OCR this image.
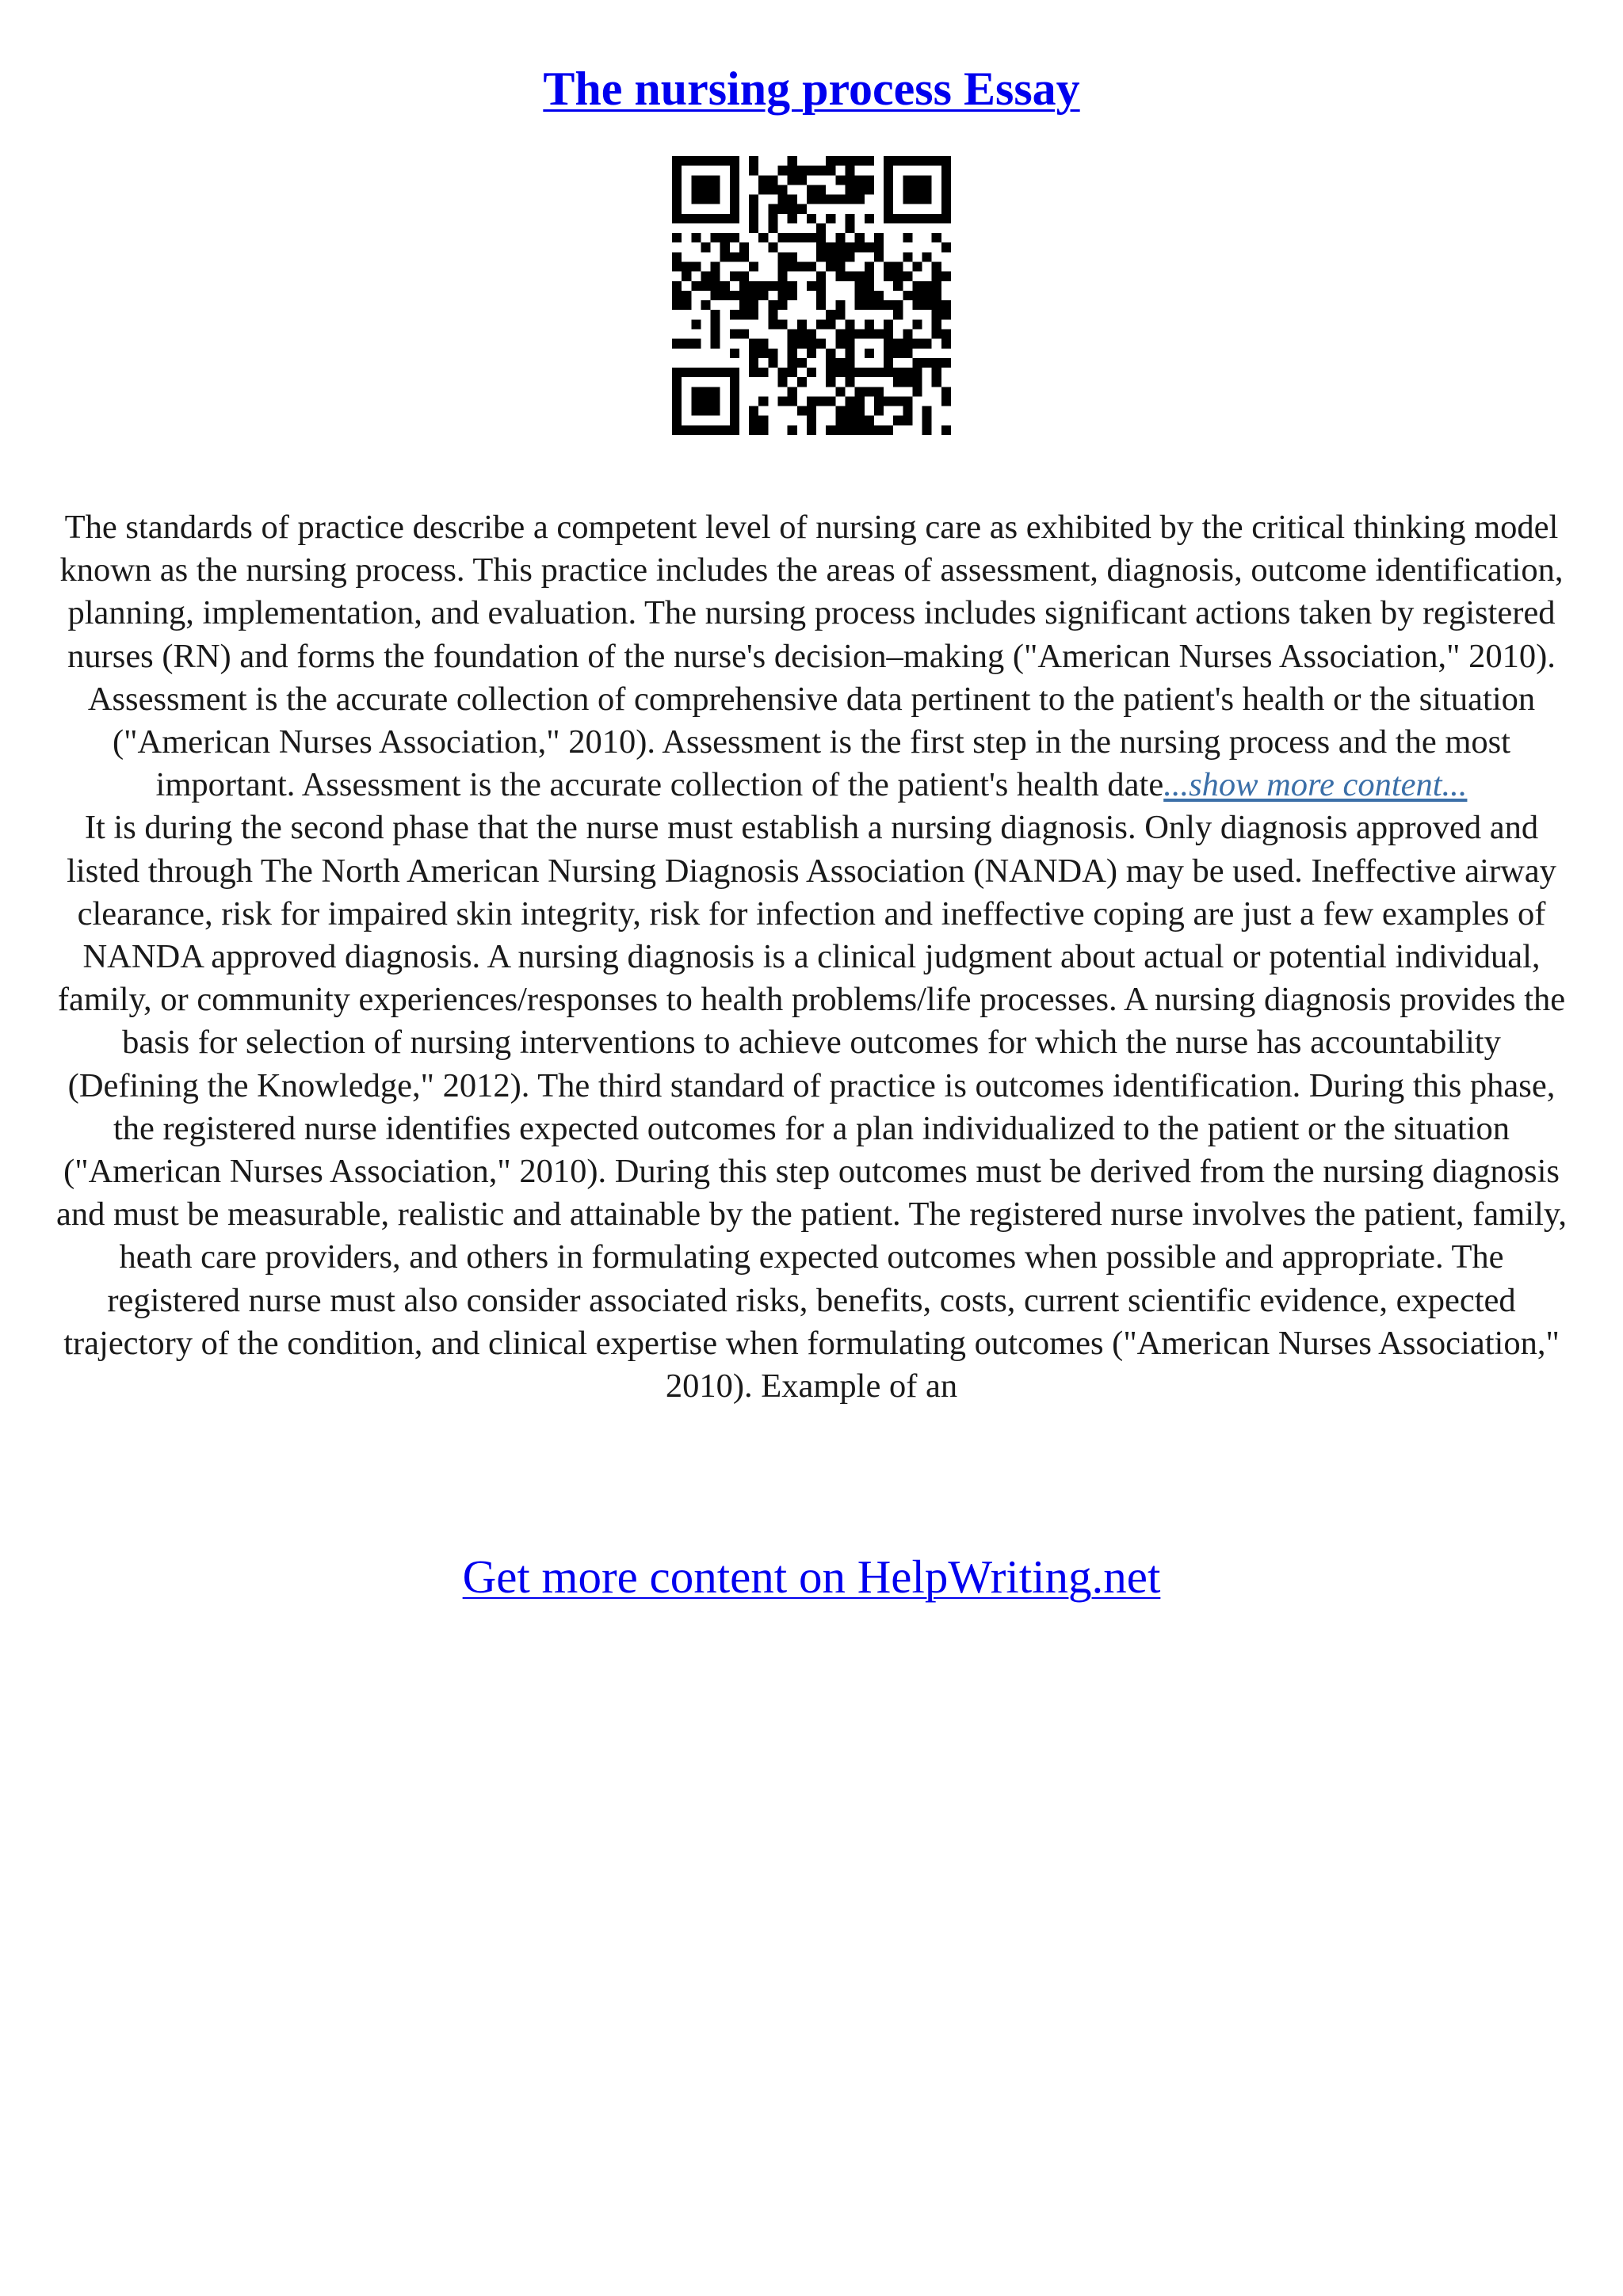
The nursing process Essay

The standards of practice describe a competent level of nursing care as exhibited by the critical thinking model known as the nursing process. This practice includes the areas of assessment, diagnosis, outcome identification, planning, implementation, and evaluation. The nursing process includes significant actions taken by registered nurses (RN) and forms the foundation of the nurse's decision–making ("American Nurses Association," 2010). Assessment is the accurate collection of comprehensive data pertinent to the patient's health or the situation ("American Nurses Association," 2010). Assessment is the first step in the nursing process and the most important. Assessment is the accurate collection of the patient's health date...show more content...

It is during the second phase that the nurse must establish a nursing diagnosis. Only diagnosis approved and listed through The North American Nursing Diagnosis Association (NANDA) may be used. Ineffective airway clearance, risk for impaired skin integrity, risk for infection and ineffective coping are just a few examples of NANDA approved diagnosis. A nursing diagnosis is a clinical judgment about actual or potential individual, family, or community experiences/responses to health problems/life processes. A nursing diagnosis provides the basis for selection of nursing interventions to achieve outcomes for which the nurse has accountability (Defining the Knowledge," 2012). The third standard of practice is outcomes identification. During this phase, the registered nurse identifies expected outcomes for a plan individualized to the patient or the situation ("American Nurses Association," 2010). During this step outcomes must be derived from the nursing diagnosis and must be measurable, realistic and attainable by the patient. The registered nurse involves the patient, family, heath care providers, and others in formulating expected outcomes when possible and appropriate. The registered nurse must also consider associated risks, benefits, costs, current scientific evidence, expected trajectory of the condition, and clinical expertise when formulating outcomes ("American Nurses Association," 2010). Example of an

Get more content on HelpWriting.net
